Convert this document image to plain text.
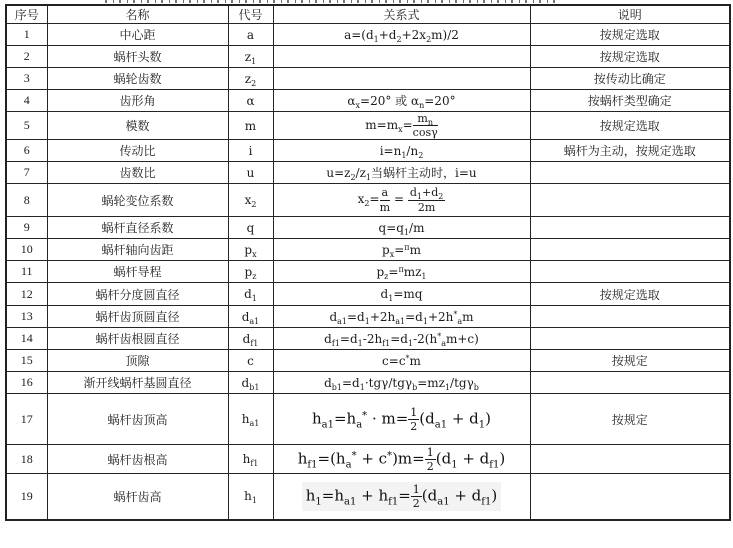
序号	名称	代号	关系式	说明
1	中心距	a	$a=(d_1+d_2+2x_2m)/2$	按规定选取
2	蜗杆头数	$z_1$		按规定选取
3	蜗轮齿数	$z_2$		按传动比确定
4	齿形角	α	$\alpha_x=20^\circ$ 或 $\alpha_n=20^\circ$	按蜗杆类型确定
5	模数	m	$m=m_x= \frac{m_n}{\cos\gamma}$	按规定选取
6	传动比	i	$i=n_1/n_2$	蜗杆为主动，按规定选取
7	齿数比	u	$u=z_2/z_1$当蜗杆主动时，i=u	
8	蜗轮变位系数	$x_2$	$x_2= \frac{a}{m} = \frac{d_1+d_2}{2m}$

9	蜗杆直径系数	q	$q=q_1/m$	
10	蜗杆轴向齿距	$p_x$	$p_x=^\pi m$	
11	蜗杆导程	$p_z$	$p_z=^\pi mz_1$	
12	蜗杆分度圆直径	$d_1$	$d_1=mq$	按规定选取
13	蜗杆齿顶圆直径	$d_{a1}$	$d_{a1}=d_1+2h_{a1}=d_1+2h^*_am$	
14	蜗杆齿根圆直径	$d_{f1}$	$d_{f1}=d_1-2h_{f1}=d_1-2(h^*_am+c)$	
15	顶隙	c	c=c*m	按规定
16	渐开线蜗杆基圆直径	$d_{b1}$	$d_{b1}=d_1\cdot tg\gamma/tg\gamma_b=mz_1/tg\gamma_b$	
17	蜗杆齿顶高	$h_{a1}$	$h_{a1}=h_a^* \cdot m= \frac{1}{2} (d_{a1} + d_1)$	按规定
18	蜗杆齿根高	$h_{f1}$	$h_{f1}=(h_a^* + c^*)m= \frac{1}{2} (d_1 + d_{f1})$	
19	蜗杆齿高	$h_1$	$h_1=h_{a1} + h_{f1}= \frac{1}{2} (d_{a1} + d_{f1})$	
